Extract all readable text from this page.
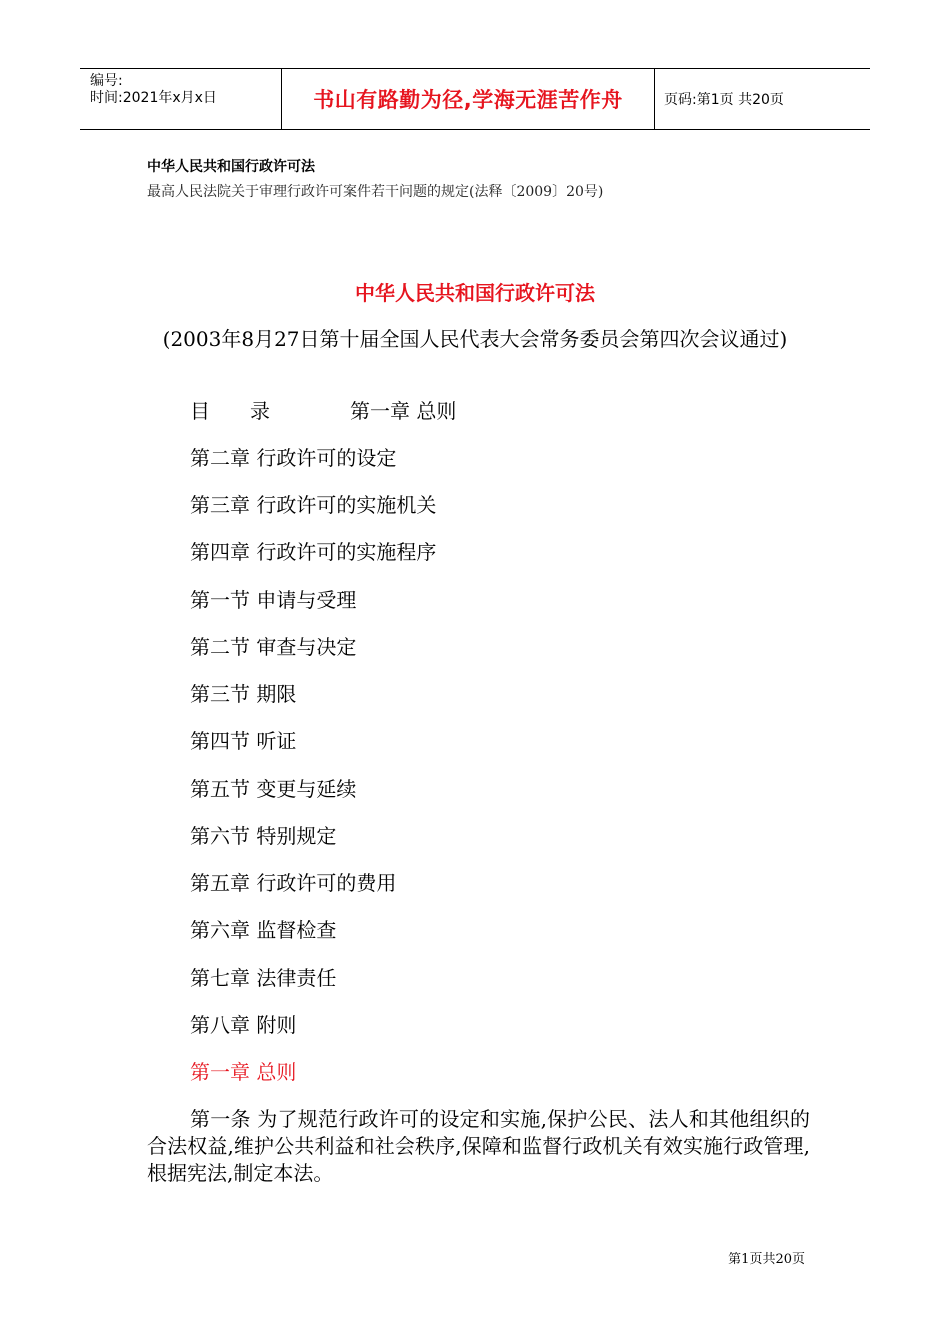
编号:
时间:2021年x月x日	书山有路勤为径,学海无涯苦作舟	页码:第1页 共20页
中华人民共和国行政许可法
最高人民法院关于审理行政许可案件若干问题的规定(法释〔2009〕20号)
中华人民共和国行政许可法
(2003年8月27日第十届全国人民代表大会常务委员会第四次会议通过)
目　　录　　　　第一章 总则
第二章 行政许可的设定
第三章 行政许可的实施机关
第四章 行政许可的实施程序
第一节 申请与受理
第二节 审查与决定
第三节 期限
第四节 听证
第五节 变更与延续
第六节 特别规定
第五章 行政许可的费用
第六章 监督检查
第七章 法律责任
第八章 附则
第一章 总则
第一条 为了规范行政许可的设定和实施,保护公民、法人和其他组织的合法权益,维护公共利益和社会秩序,保障和监督行政机关有效实施行政管理,根据宪法,制定本法。
第1页共20页
